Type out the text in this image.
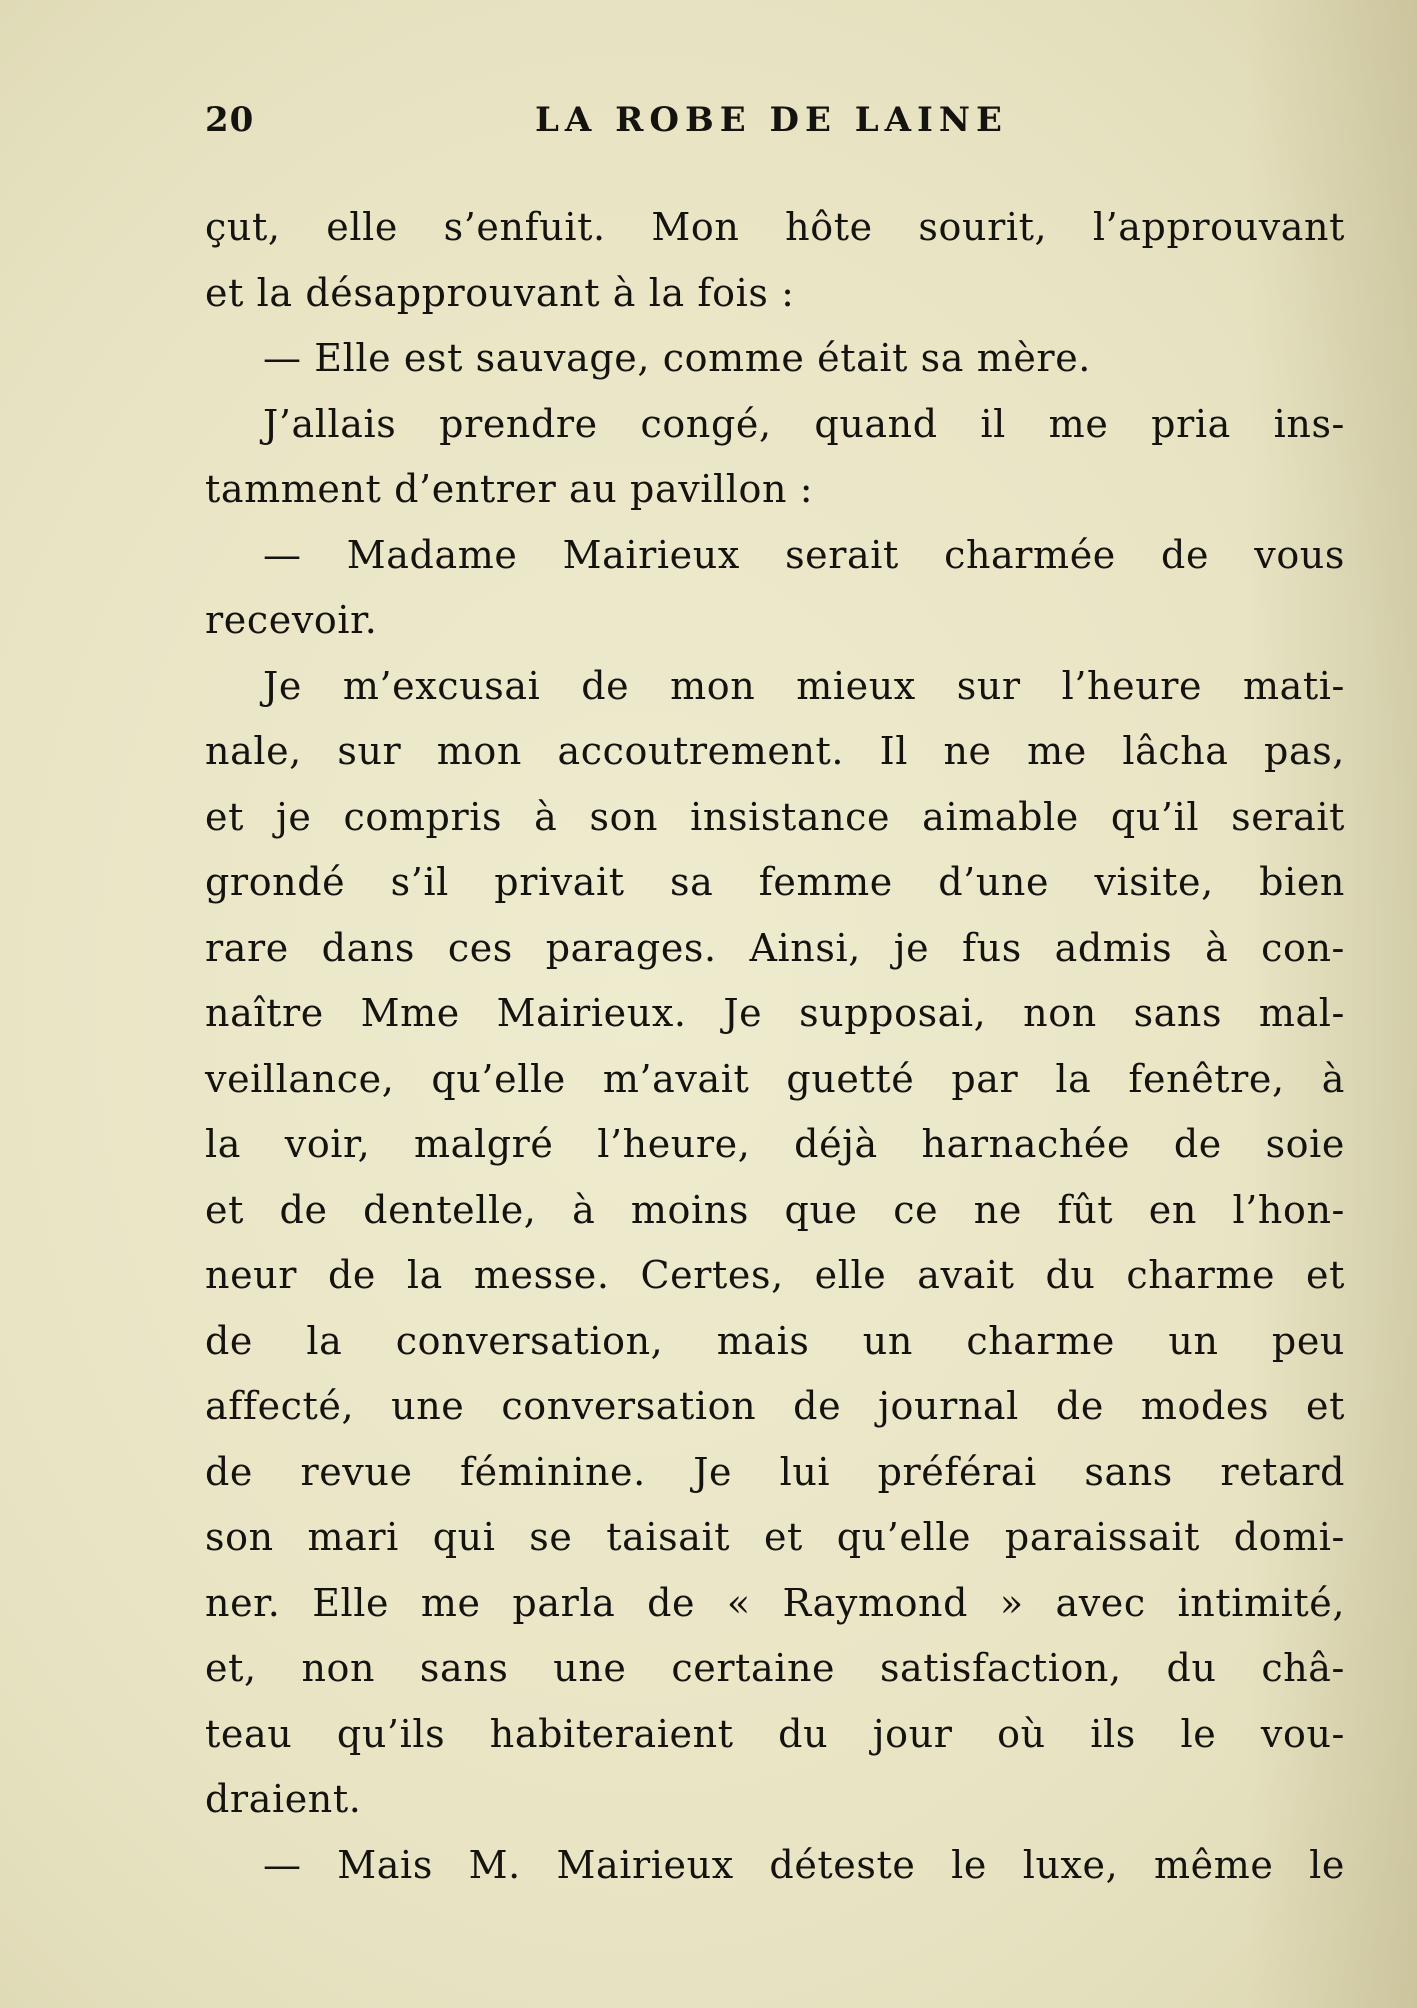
20	LA ROBE DE LAINE
çut, elle s’enfuit. Mon hôte sourit, l’approuvant
et la désapprouvant à la fois :
— Elle est sauvage, comme était sa mère.
J’allais prendre congé, quand il me pria ins-
tamment d’entrer au pavillon :
— Madame Mairieux serait charmée de vous
recevoir.
Je m’excusai de mon mieux sur l’heure mati-
nale, sur mon accoutrement. Il ne me lâcha pas,
et je compris à son insistance aimable qu’il serait
grondé s’il privait sa femme d’une visite, bien
rare dans ces parages. Ainsi, je fus admis à con-
naître Mme Mairieux. Je supposai, non sans mal-
veillance, qu’elle m’avait guetté par la fenêtre, à
la voir, malgré l’heure, déjà harnachée de soie
et de dentelle, à moins que ce ne fût en l’hon-
neur de la messe. Certes, elle avait du charme et
de la conversation, mais un charme un peu
affecté, une conversation de journal de modes et
de revue féminine. Je lui préférai sans retard
son mari qui se taisait et qu’elle paraissait domi-
ner. Elle me parla de « Raymond » avec intimité,
et, non sans une certaine satisfaction, du châ-
teau qu’ils habiteraient du jour où ils le vou-
draient.
— Mais M. Mairieux déteste le luxe, même le
